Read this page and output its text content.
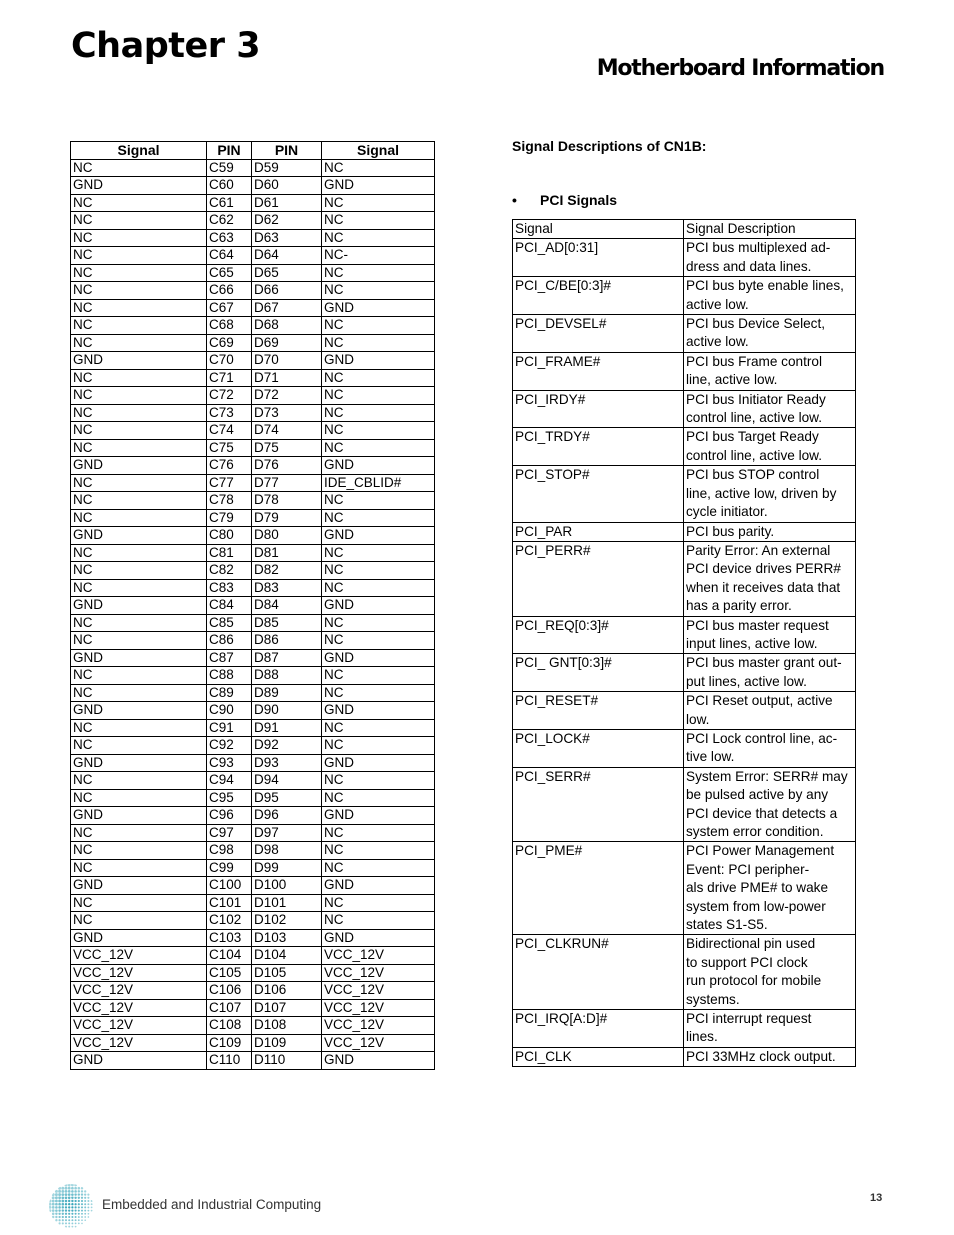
Chapter 3
Motherboard Information
Signal	PIN	PIN	Signal
NC	C59	D59	NC
GND	C60	D60	GND
NC	C61	D61	NC
NC	C62	D62	NC
NC	C63	D63	NC
NC	C64	D64	NC-
NC	C65	D65	NC
NC	C66	D66	NC
NC	C67	D67	GND
NC	C68	D68	NC
NC	C69	D69	NC
GND	C70	D70	GND
NC	C71	D71	NC
NC	C72	D72	NC
NC	C73	D73	NC
NC	C74	D74	NC
NC	C75	D75	NC
GND	C76	D76	GND
NC	C77	D77	IDE_CBLID#
NC	C78	D78	NC
NC	C79	D79	NC
GND	C80	D80	GND
NC	C81	D81	NC
NC	C82	D82	NC
NC	C83	D83	NC
GND	C84	D84	GND
NC	C85	D85	NC
NC	C86	D86	NC
GND	C87	D87	GND
NC	C88	D88	NC
NC	C89	D89	NC
GND	C90	D90	GND
NC	C91	D91	NC
NC	C92	D92	NC
GND	C93	D93	GND
NC	C94	D94	NC
NC	C95	D95	NC
GND	C96	D96	GND
NC	C97	D97	NC
NC	C98	D98	NC
NC	C99	D99	NC
GND	C100	D100	GND
NC	C101	D101	NC
NC	C102	D102	NC
GND	C103	D103	GND
VCC_12V	C104	D104	VCC_12V
VCC_12V	C105	D105	VCC_12V
VCC_12V	C106	D106	VCC_12V
VCC_12V	C107	D107	VCC_12V
VCC_12V	C108	D108	VCC_12V
VCC_12V	C109	D109	VCC_12V
GND	C110	D110	GND
Signal Descriptions of CN1B:
• PCI Signals
Signal	Signal Description
PCI_AD[0:31]	PCI bus multiplexed ad-
dress and data lines.
PCI_C/BE[0:3]#	PCI bus byte enable lines,
active low.
PCI_DEVSEL#	PCI bus Device Select,
active low.
PCI_FRAME#	PCI bus Frame control
line, active low.
PCI_IRDY#	PCI bus Initiator Ready
control line, active low.
PCI_TRDY#	PCI bus Target Ready
control line, active low.
PCI_STOP#	PCI bus STOP control
line, active low, driven by
cycle initiator.
PCI_PAR	PCI bus parity.
PCI_PERR#	Parity Error: An external
PCI device drives PERR#
when it receives data that
has a parity error.
PCI_REQ[0:3]#	PCI bus master request
input lines, active low.
PCI_ GNT[0:3]#	PCI bus master grant out-
put lines, active low.
PCI_RESET#	PCI Reset output, active
low.
PCI_LOCK#	PCI Lock control line, ac-
tive low.
PCI_SERR#	System Error: SERR# may
be pulsed active by any
PCI device that detects a
system error condition.
PCI_PME#	PCI Power Management
Event: PCI peripher-
als drive PME# to wake
system from low-power
states S1-S5.
PCI_CLKRUN#	Bidirectional pin used
to support PCI clock
run protocol for mobile
systems.
PCI_IRQ[A:D]#	PCI interrupt request
lines.
PCI_CLK	PCI 33MHz clock output.
Embedded and Industrial Computing	13
